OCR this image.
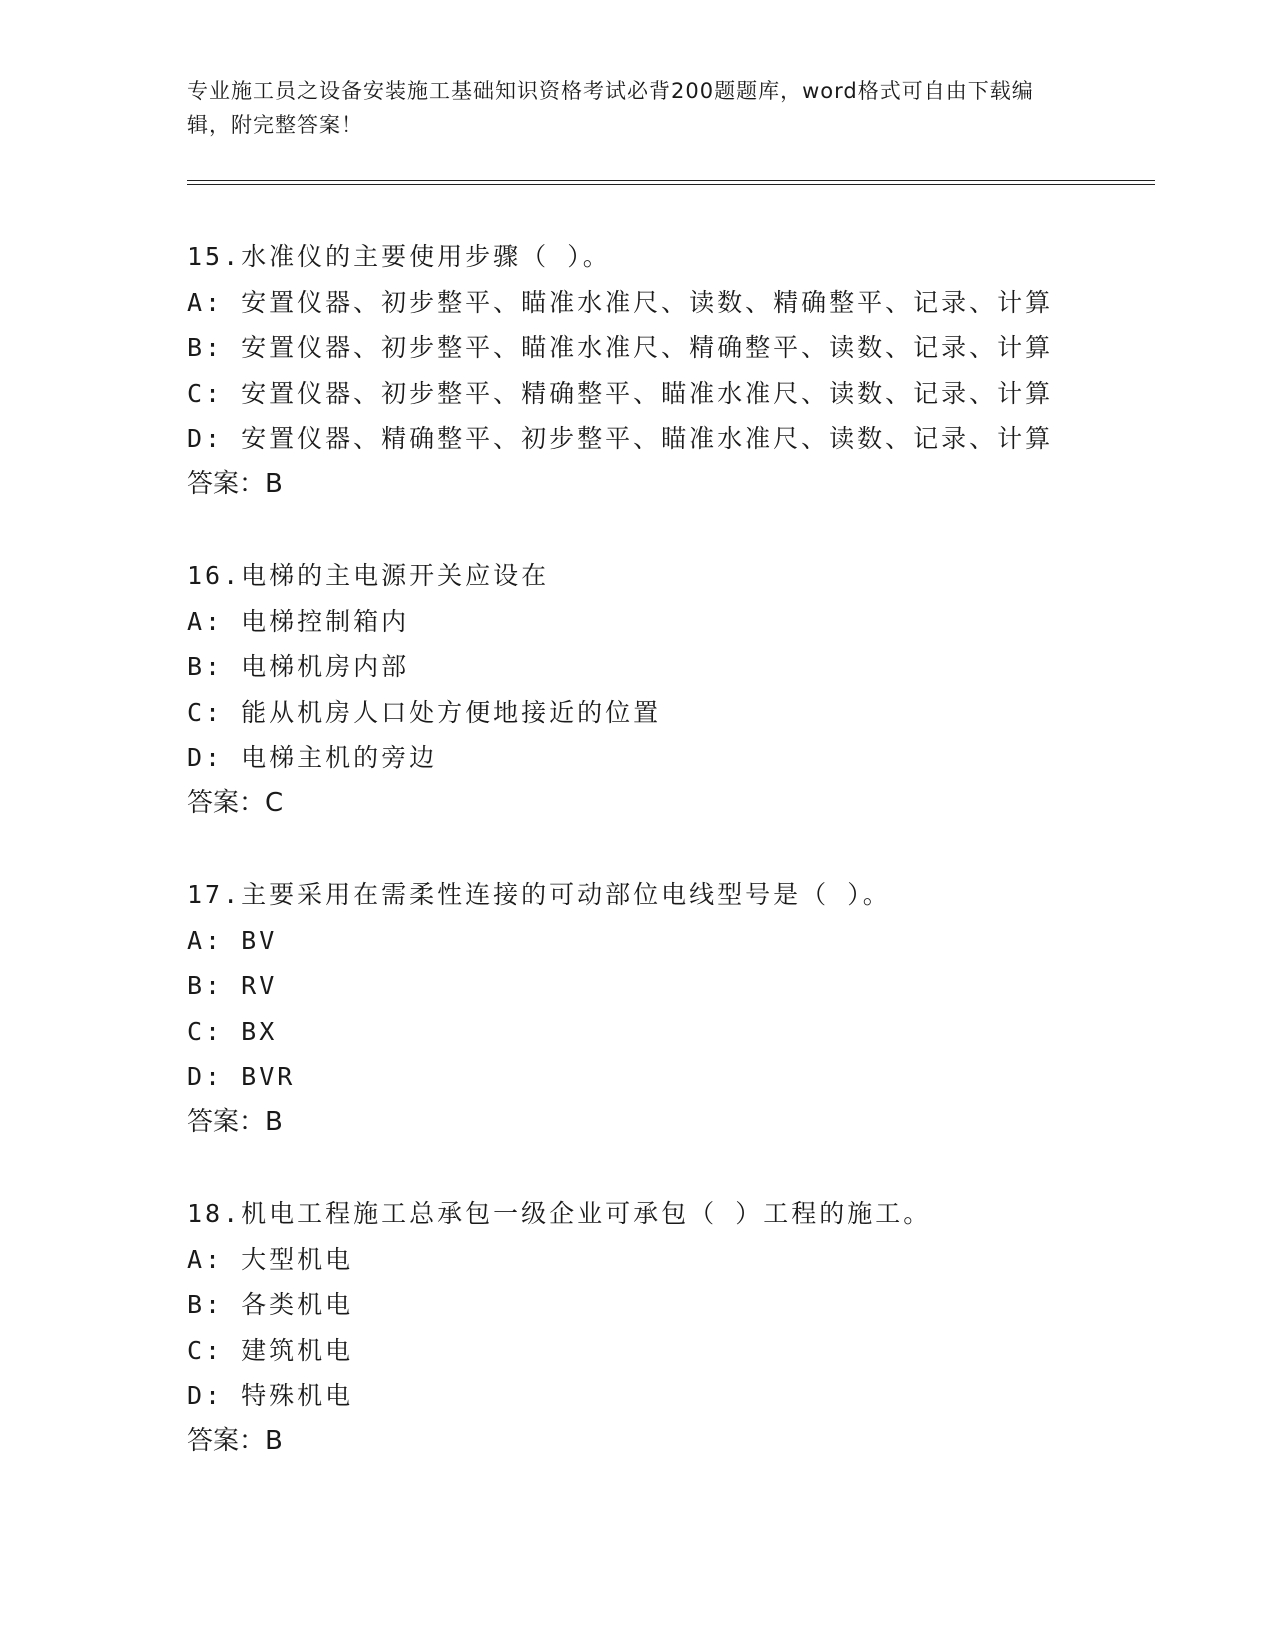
专业施工员之设备安装施工基础知识资格考试必背200题题库，word格式可自由下载编辑，附完整答案！
15.水准仪的主要使用步骤（ ）。
A: 安置仪器、初步整平、瞄准水准尺、读数、精确整平、记录、计算
B: 安置仪器、初步整平、瞄准水准尺、精确整平、读数、记录、计算
C: 安置仪器、初步整平、精确整平、瞄准水准尺、读数、记录、计算
D: 安置仪器、精确整平、初步整平、瞄准水准尺、读数、记录、计算
答案：B
16.电梯的主电源开关应设在
A: 电梯控制箱内
B: 电梯机房内部
C: 能从机房人口处方便地接近的位置
D: 电梯主机的旁边
答案：C
17.主要采用在需柔性连接的可动部位电线型号是（ ）。
A: BV
B: RV
C: BX
D: BVR
答案：B
18.机电工程施工总承包一级企业可承包（ ）工程的施工。
A: 大型机电
B: 各类机电
C: 建筑机电
D: 特殊机电
答案：B
